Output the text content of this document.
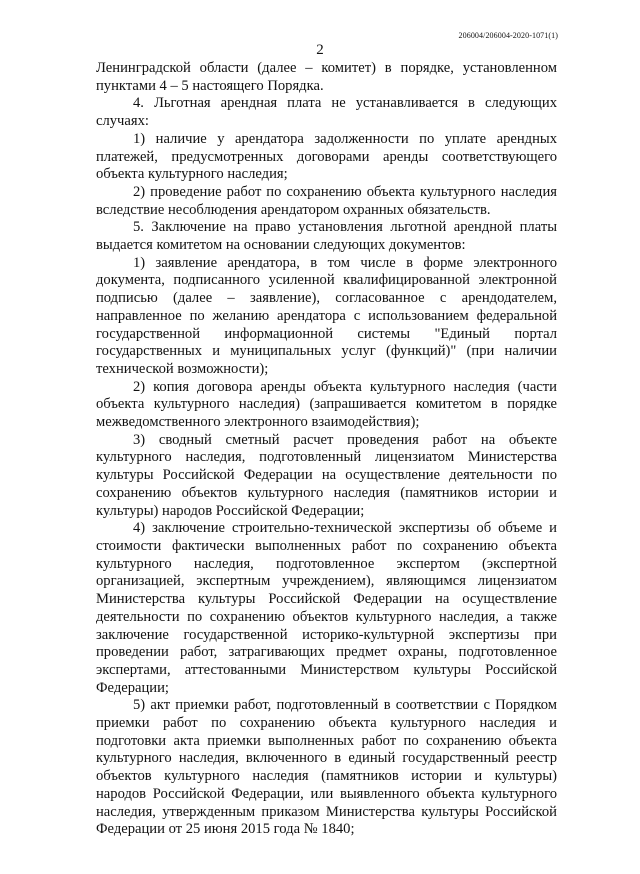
206004/206004-2020-1071(1)
2

Ленинградской области (далее – комитет) в порядке, установленном пунктами 4 – 5 настоящего Порядка.

4. Льготная арендная плата не устанавливается в следующих случаях:

1) наличие у арендатора задолженности по уплате арендных платежей, предусмотренных договорами аренды соответствующего объекта культурного наследия;

2) проведение работ по сохранению объекта культурного наследия вследствие несоблюдения арендатором охранных обязательств.

5. Заключение на право установления льготной арендной платы выдается комитетом на основании следующих документов:

1) заявление арендатора, в том числе в форме электронного документа, подписанного усиленной квалифицированной электронной подписью (далее – заявление), согласованное с арендодателем, направленное по желанию арендатора с использованием федеральной государственной информационной системы "Единый портал государственных и муниципальных услуг (функций)" (при наличии технической возможности);

2) копия договора аренды объекта культурного наследия (части объекта культурного наследия) (запрашивается комитетом в порядке межведомственного электронного взаимодействия);

3) сводный сметный расчет проведения работ на объекте культурного наследия, подготовленный лицензиатом Министерства культуры Российской Федерации на осуществление деятельности по сохранению объектов культурного наследия (памятников истории и культуры) народов Российской Федерации;

4) заключение строительно-технической экспертизы об объеме и стоимости фактически выполненных работ по сохранению объекта культурного наследия, подготовленное экспертом (экспертной организацией, экспертным учреждением), являющимся лицензиатом Министерства культуры Российской Федерации на осуществление деятельности по сохранению объектов культурного наследия, а также заключение государственной историко-культурной экспертизы при проведении работ, затрагивающих предмет охраны, подготовленное экспертами, аттестованными Министерством культуры Российской Федерации;

5) акт приемки работ, подготовленный в соответствии с Порядком приемки работ по сохранению объекта культурного наследия и подготовки акта приемки выполненных работ по сохранению объекта культурного наследия, включенного в единый государственный реестр объектов культурного наследия (памятников истории и культуры) народов Российской Федерации, или выявленного объекта культурного наследия, утвержденным приказом Министерства культуры Российской Федерации от 25 июня 2015 года № 1840;
